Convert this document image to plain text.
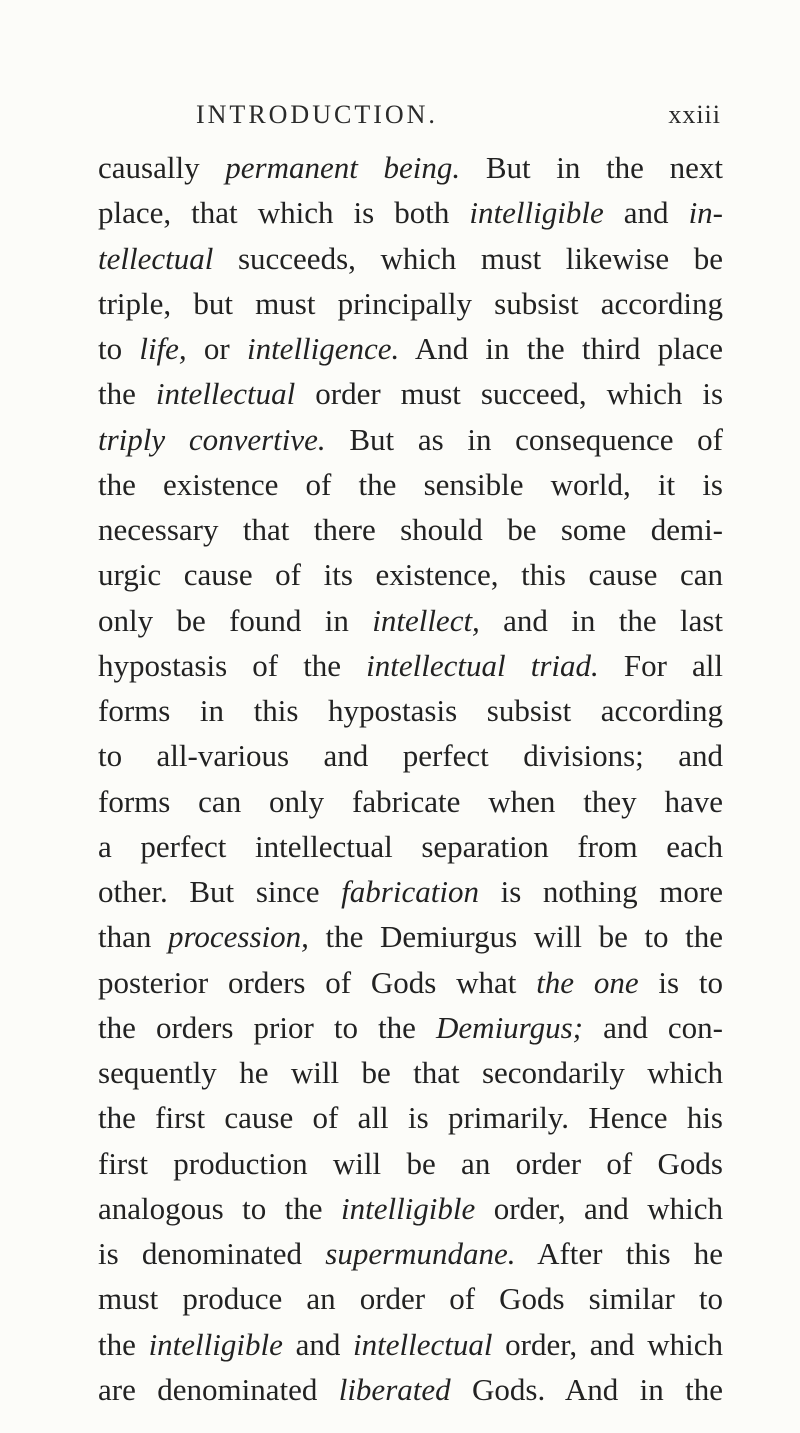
INTRODUCTION.	xxiii
causally permanent being. But in the next
place, that which is both intelligible and in-
tellectual succeeds, which must likewise be
triple, but must principally subsist according
to life, or intelligence. And in the third place
the intellectual order must succeed, which is
triply convertive. But as in consequence of
the existence of the sensible world, it is
necessary that there should be some demi-
urgic cause of its existence, this cause can
only be found in intellect, and in the last
hypostasis of the intellectual triad. For all
forms in this hypostasis subsist according
to all-various and perfect divisions; and
forms can only fabricate when they have
a perfect intellectual separation from each
other. But since fabrication is nothing more
than procession, the Demiurgus will be to the
posterior orders of Gods what the one is to
the orders prior to the Demiurgus; and con-
sequently he will be that secondarily which
the first cause of all is primarily. Hence his
first production will be an order of Gods
analogous to the intelligible order, and which
is denominated supermundane. After this he
must produce an order of Gods similar to
the intelligible and intellectual order, and which
are denominated liberated Gods. And in the
